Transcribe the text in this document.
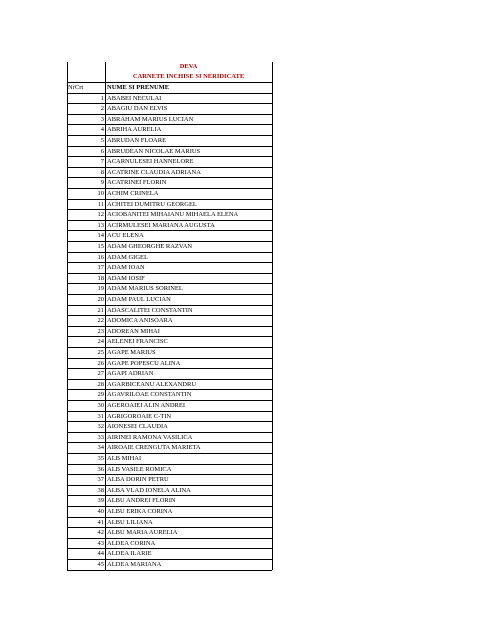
DEVA
CARNETE INCHISE SI NERIDICATE
NrCrt	NUME SI PRENUME
1 ABABEI NECULAI
2 ABAGIU DAN ELVIS
3 ABRAHAM MARIUS LUCIAN
4 ABRIHA AURELIA
5 ABRUDAN FLOARE
6 ABRUDEAN NICOLAE MARIUS
7 ACARNULESEI HANNELORE
8 ACATRINE CLAUDIA ADRIANA
9 ACATRINEI FLORIN
10 ACHIM CRINELA
11 ACHITEI DUMITRU GEORGEL
12 ACIOBANITEI MIHAIANU MIHAELA ELENA
13 ACIRMULESEI MARIANA AUGUSTA
14 ACU ELENA
15 ADAM GHEORGHE RAZVAN
16 ADAM GIGEL
17 ADAM IOAN
18 ADAM IOSIF
19 ADAM MARIUS SORINEL
20 ADAM PAUL LUCIAN
21 ADASCALITEI CONSTANTIN
22 ADOMICA ANISOARA
23 ADOREAN MIHAI
24 AELENEI FRANCISC
25 AGAPE MARIUS
26 AGAPE POPESCU ALINA
27 AGAPI ADRIAN
28 AGARBICEANU ALEXANDRU
29 AGAVRILOAE CONSTANTIN
30 AGEROAIEI ALIN ANDREI
31 AGRIGOROAIE C-TIN
32 AIONESEI CLAUDIA
33 AIRINEI RAMONA VASILICA
34 AIROAIE CRENGUTA MARIETA
35 ALB MIHAI
36 ALB VASILE ROMICA
37 ALBA DORIN PETRU
38 ALBA VLAD IONELA ALINA
39 ALBU ANDREI FLORIN
40 ALBU ERIKA CORINA
41 ALBU LILIANA
42 ALBU MARIA AURELIA
43 ALDEA CORINA
44 ALDEA ILARIE
45 ALDEA MARIANA
